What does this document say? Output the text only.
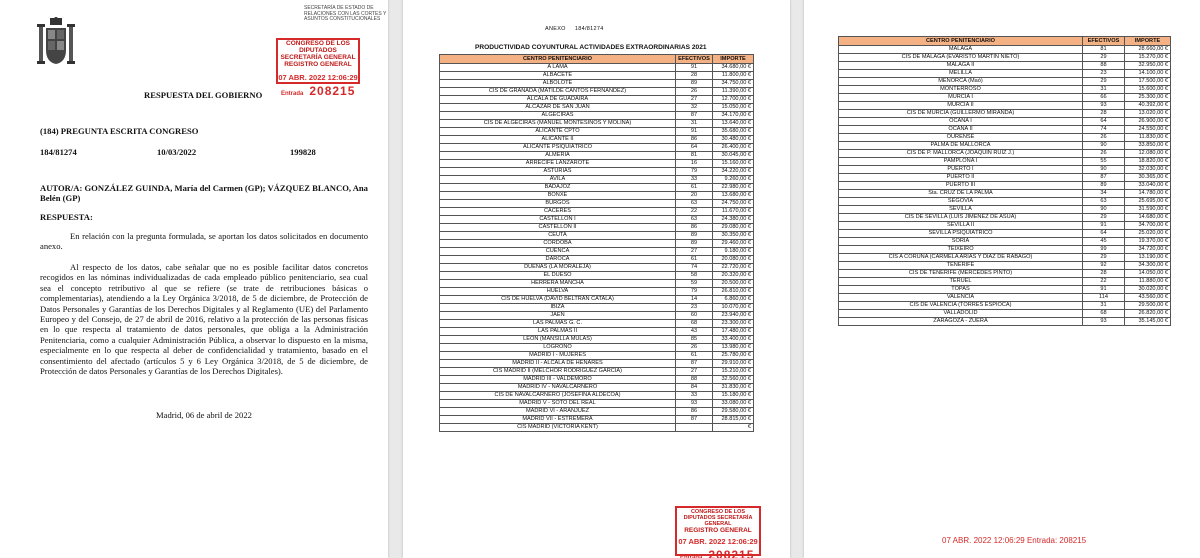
SECRETARÍA DE ESTADO DE RELACIONES CON LAS CORTES Y ASUNTOS CONSTITUCIONALES
CONGRESO DE LOS DIPUTADOS SECRETARÍA GENERAL REGISTRO GENERAL
07 ABR. 2022 12:06:29
Entrada 208215
RESPUESTA DEL GOBIERNO
(184) PREGUNTA ESCRITA CONGRESO
184/81274	10/03/2022	199828
AUTOR/A: GONZÁLEZ GUINDA, María del Carmen (GP); VÁZQUEZ BLANCO, Ana Belén (GP)
RESPUESTA:
En relación con la pregunta formulada, se aportan los datos solicitados en documento anexo.
Al respecto de los datos, cabe señalar que no es posible facilitar datos concretos recogidos en las nóminas individualizadas de cada empleado público penitenciario, sea cual sea el concepto retributivo al que se refiere (se trate de retribuciones básicas o complementarias), atendiendo a la Ley Orgánica 3/2018, de 5 de diciembre, de Protección de Datos Personales y Garantías de los Derechos Digitales y al Reglamento (UE) del Parlamento Europeo y del Consejo, de 27 de abril de 2016, relativo a la protección de las personas físicas en lo que respecta al tratamiento de datos personales, que obliga a la Administración Penitenciaria, como a cualquier Administración Pública, a observar lo dispuesto en la misma, especialmente en lo que respecta al deber de confidencialidad y tratamiento, basado en el consentimiento del afectado (artículos 5 y 6 Ley Orgánica 3/2018, de 5 de diciembre, de Protección de datos Personales y Garantías de los Derechos Digitales).
Madrid, 06 de abril de 2022
ANEXO     184/81274
PRODUCTIVIDAD COYUNTURAL ACTIVIDADES EXTRAORDINARIAS 2021
CENTRO PENITENCIARIO	EFECTIVOS	IMPORTE
A LAMA	91	34.680,00 €
ALBACETE	28	11.800,00 €
ALBOLOTE	89	34.750,00 €
CIS DE GRANADA (MATILDE CANTOS FERNANDEZ)	26	11.390,00 €
ALCALA DE GUADAIRA	27	12.700,00 €
ALCÁZAR DE SAN JUAN	32	15.050,00 €
ALGECIRAS	87	34.170,00 €
CIS DE ALGECIRAS (MANUEL MONTESINOS Y MOLINA)	31	13.640,00 €
ALICANTE CPTO	91	35.680,00 €
ALICANTE II	86	30.480,00 €
ALICANTE PSIQUIÁTRICO	64	26.400,00 €
ALMERÍA	81	30.045,00 €
ARRECIFE LANZAROTE	16	15.160,00 €
ASTURIAS	79	34.220,00 €
AVILA	33	9.260,00 €
BADAJOZ	61	22.980,00 €
BONXE	20	13.680,00 €
BURGOS	63	24.750,00 €
CÁCERES	22	11.670,00 €
CASTELLÓN I	63	24.380,00 €
CASTELLÓN II	86	29.080,00 €
CEUTA	89	30.350,00 €
CÓRDOBA	89	29.460,00 €
CUENCA	27	9.180,00 €
DAROCA	61	20.080,00 €
DUEÑAS (LA MORALEJA)	74	22.720,00 €
EL DUESO	58	20.320,00 €
HERRERA MANCHA	59	20.500,00 €
HUELVA	79	26.810,00 €
CIS DE HUELVA (DAVID BELTRAN CATALA)	14	6.860,00 €
IBIZA	23	10.070,00 €
JAÉN	60	23.940,00 €
LAS PALMAS G. C.	68	23.300,00 €
LAS PALMAS II	43	17.480,00 €
LEÓN (MANSILLA MULAS)	85	33.400,00 €
LOGROÑO	26	13.980,00 €
MADRID I - MUJERES	61	25.780,00 €
MADRID II - ALCALA DE HENARES	87	29.910,00 €
CIS MADRID II (MELCHOR RODRIGUEZ GARCIA)	27	15.210,00 €
MADRID III - VALDEMORO	88	32.560,00 €
MADRID IV - NAVALCARNERO	84	31.830,00 €
CIS DE NAVALCARNERO (JOSEFINA ALDECOA)	33	15.180,00 €
MADRID V - SOTO DEL REAL	93	33.080,00 €
MADRID VI - ARANJUEZ	86	29.580,00 €
MADRID VII - ESTREMERA	87	28.815,00 €
CIS MADRID (VICTORIA KENT)		€
CONGRESO DE LOS DIPUTADOS SECRETARÍA GENERAL
REGISTRO GENERAL
07 ABR. 2022 12:06:29
Entrada 208215
CENTRO PENITENCIARIO	EFECTIVOS	IMPORTE
MÁLAGA	81	28.660,00 €
CIS DE MÁLAGA (EVARISTO MARTÍN NIETO)	29	15.270,00 €
MALAGA II	88	32.950,00 €
MELILLA	23	14.100,00 €
MENORCA (Maó)	29	17.500,00 €
MONTERROSO	31	15.600,00 €
MURCIA I	66	25.300,00 €
MURCIA II	93	40.392,00 €
CIS DE MURCIA (GUILLERMO MIRANDA)	28	13.020,00 €
OCAÑA I	64	26.900,00 €
OCAÑA II	74	24.550,00 €
OURENSE	26	11.830,00 €
PALMA DE MALLORCA	90	33.850,00 €
CIS DE P. MALLORCA (JOAQUIN RUIZ J.)	26	12.080,00 €
PAMPLONA I	55	18.820,00 €
PUERTO I	90	32.030,00 €
PUERTO II	87	30.365,00 €
PUERTO III	89	33.040,00 €
Sta. CRUZ DE LA PALMA	34	14.780,00 €
SEGOVIA	63	25.695,00 €
SEVILLA	90	31.590,00 €
CIS DE SEVILLA (LUIS JIMENEZ DE ASUA)	29	14.680,00 €
SEVILLA II	91	34.700,00 €
SEVILLA PSIQUIÁTRICO	64	25.020,00 €
SORIA	45	19.370,00 €
TEIXEIRO	99	34.720,00 €
CIS A CORUÑA (CARMELA ARIAS Y DIAZ DE RABAGO)	29	13.190,00 €
TENERIFE	92	34.300,00 €
CIS DE TENERIFE (MERCEDES PINTO)	28	14.050,00 €
TERUEL	22	11.880,00 €
TOPAS	91	30.020,00 €
VALENCIA	114	43.560,00 €
CIS DE VALENCIA (TORRES ESPIOCA)	31	29.500,00 €
VALLADOLID	68	26.820,00 €
ZARAGOZA - ZUERA	93	35.145,00 €
07 ABR. 2022 12:06:29 Entrada: 208215
